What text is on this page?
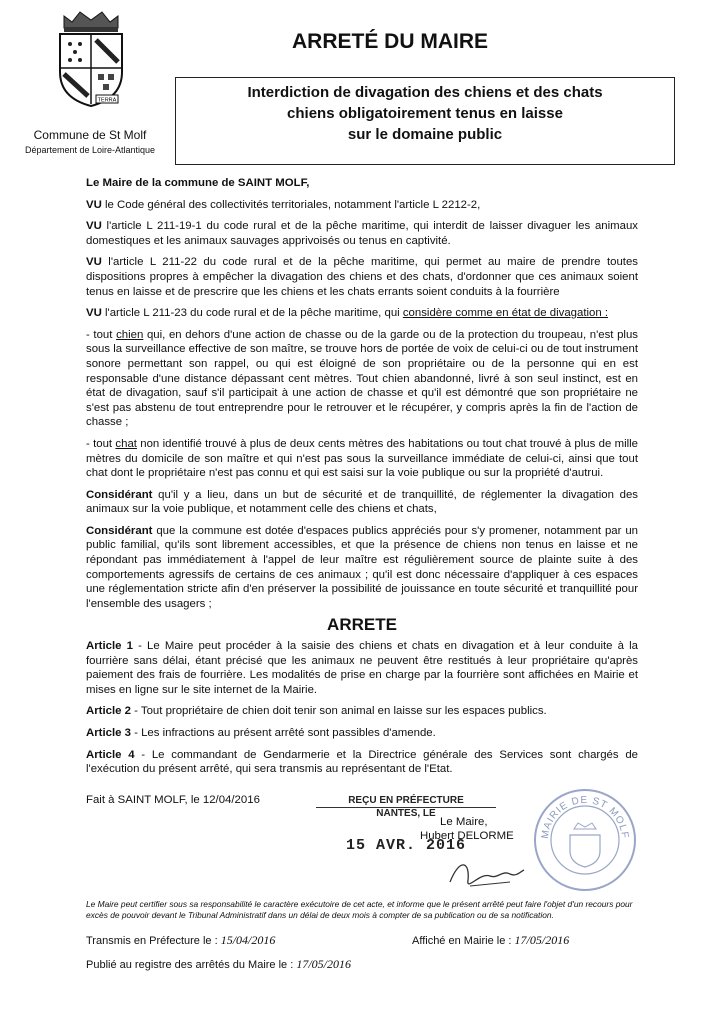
TERRA
Commune de St Molf
Département de Loire-Atlantique
ARRETÉ DU MAIRE
Interdiction de divagation des chiens et des chats
chiens obligatoirement tenus en laisse
sur le domaine public

Le Maire de la commune de SAINT MOLF,

VU le Code général des collectivités territoriales, notamment l'article L 2212-2,

VU l'article L 211-19-1 du code rural et de la pêche maritime, qui interdit de laisser divaguer les animaux domestiques et les animaux sauvages apprivoisés ou tenus en captivité.

VU l'article L 211-22 du code rural et de la pêche maritime, qui permet au maire de prendre toutes dispositions propres à empêcher la divagation des chiens et des chats, d'ordonner que ces animaux soient tenus en laisse et de prescrire que les chiens et les chats errants soient conduits à la fourrière

VU l'article L 211-23 du code rural et de la pêche maritime, qui considère comme en état de divagation :

- tout chien qui, en dehors d'une action de chasse ou de la garde ou de la protection du troupeau, n'est plus sous la surveillance effective de son maître, se trouve hors de portée de voix de celui-ci ou de tout instrument sonore permettant son rappel, ou qui est éloigné de son propriétaire ou de la personne qui en est responsable d'une distance dépassant cent mètres. Tout chien abandonné, livré à son seul instinct, est en état de divagation, sauf s'il participait à une action de chasse et qu'il est démontré que son propriétaire ne s'est pas abstenu de tout entreprendre pour le retrouver et le récupérer, y compris après la fin de l'action de chasse ;

- tout chat non identifié trouvé à plus de deux cents mètres des habitations ou tout chat trouvé à plus de mille mètres du domicile de son maître et qui n'est pas sous la surveillance immédiate de celui-ci, ainsi que tout chat dont le propriétaire n'est pas connu et qui est saisi sur la voie publique ou sur la propriété d'autrui.

Considérant qu'il y a lieu, dans un but de sécurité et de tranquillité, de réglementer la divagation des animaux sur la voie publique, et notamment celle des chiens et chats,

Considérant que la commune est dotée d'espaces publics appréciés pour s'y promener, notamment par un public familial, qu'ils sont librement accessibles, et que la présence de chiens non tenus en laisse et ne répondant pas immédiatement à l'appel de leur maître est régulièrement source de plainte suite à des comportements agressifs de certains de ces animaux ; qu'il est donc nécessaire d'appliquer à ces espaces une réglementation stricte afin d'en préserver la possibilité de jouissance en toute sécurité et tranquillité pour l'ensemble des usagers ;

ARRETE

Article 1 - Le Maire peut procéder à la saisie des chiens et chats en divagation et à leur conduite à la fourrière sans délai, étant précisé que les animaux ne peuvent être restitués à leur propriétaire qu'après paiement des frais de fourrière. Les modalités de prise en charge par la fourrière sont affichées en Mairie et mises en ligne sur le site internet de la Mairie.

Article 2 - Tout propriétaire de chien doit tenir son animal en laisse sur les espaces publics.

Article 3 - Les infractions au présent arrêté sont passibles d'amende.

Article 4 - Le commandant de Gendarmerie et la Directrice générale des Services sont chargés de l'exécution du présent arrêté, qui sera transmis au représentant de l'Etat.

Fait à SAINT MOLF, le 12/04/2016	REÇU EN PRÉFECTURE
NANTES, LE
15 AVR. 2016
Le Maire,
Hubert DELORME	MAIRIE DE ST MOLF
Le Maire peut certifier sous sa responsabilité le caractère exécutoire de cet acte, et informe que le présent arrêté peut faire l'objet d'un recours pour excès de pouvoir devant le Tribunal Administratif dans un délai de deux mois à compter de sa publication ou de sa notification.
Transmis en Préfecture le : 15/04/2016	Affiché en Mairie le : 17/05/2016
Publié au registre des arrêtés du Maire le : 17/05/2016
